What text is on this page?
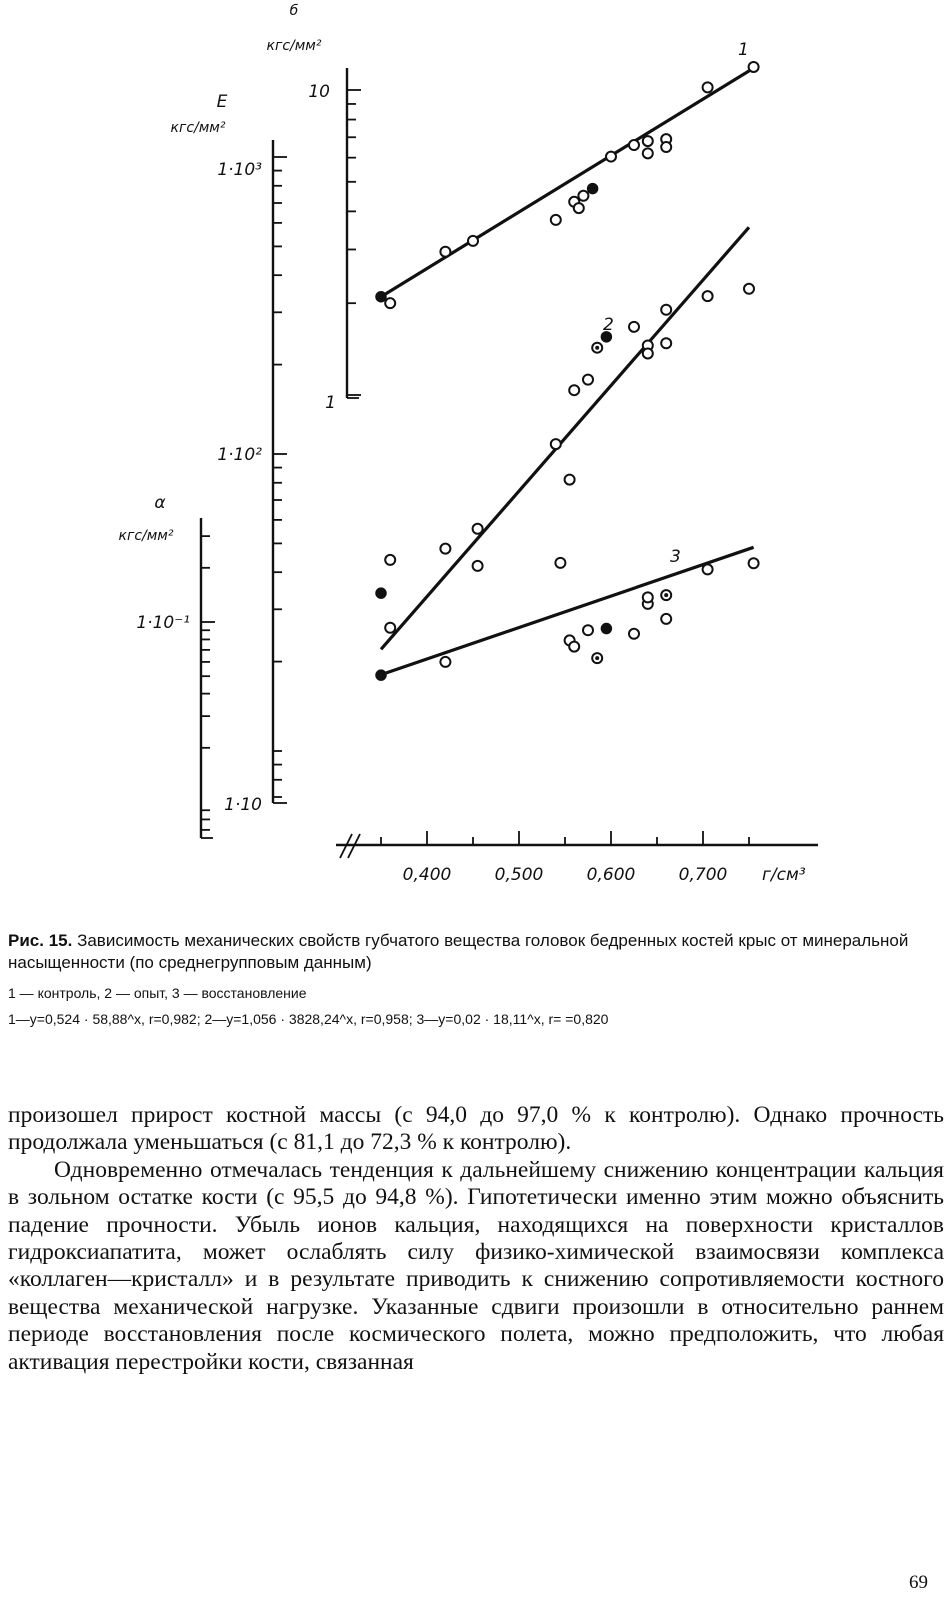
0,400	0,500	0,600	0,700 г/см³
б
кгс/мм²
10
1
E
кгс/мм²
1·10³
1·10²
α
кгс/мм²
1·10⁻¹
1·10
1
2
3

Рис. 15. Зависимость механических свойств губчатого вещества головок бедренных костей крыс от минеральной насыщенности (по среднегрупповым данным)

1 — контроль, 2 — опыт, 3 — восстановление

1—y=0,524 · 58,88^x, r=0,982; 2—y=1,056 · 3828,24^x, r=0,958; 3—y=0,02 · 18,11^x, r= =0,820

произошел прирост костной массы (с 94,0 до 97,0 % к контролю). Однако прочность продолжала уменьшаться (с 81,1 до 72,3 % к контролю).

Одновременно отмечалась тенденция к дальнейшему снижению концентрации кальция в зольном остатке кости (с 95,5 до 94,8 %). Гипотетически именно этим можно объяснить падение прочности. Убыль ионов кальция, находящихся на поверхности кристаллов гидроксиапатита, может ослаблять силу физико-химической взаимосвязи комплекса «коллаген—кристалл» и в результате приводить к снижению сопротивляемости костного вещества механической нагрузке. Указанные сдвиги произошли в относительно раннем периоде восстановления после космического полета, можно предположить, что любая активация перестройки кости, связанная

69
